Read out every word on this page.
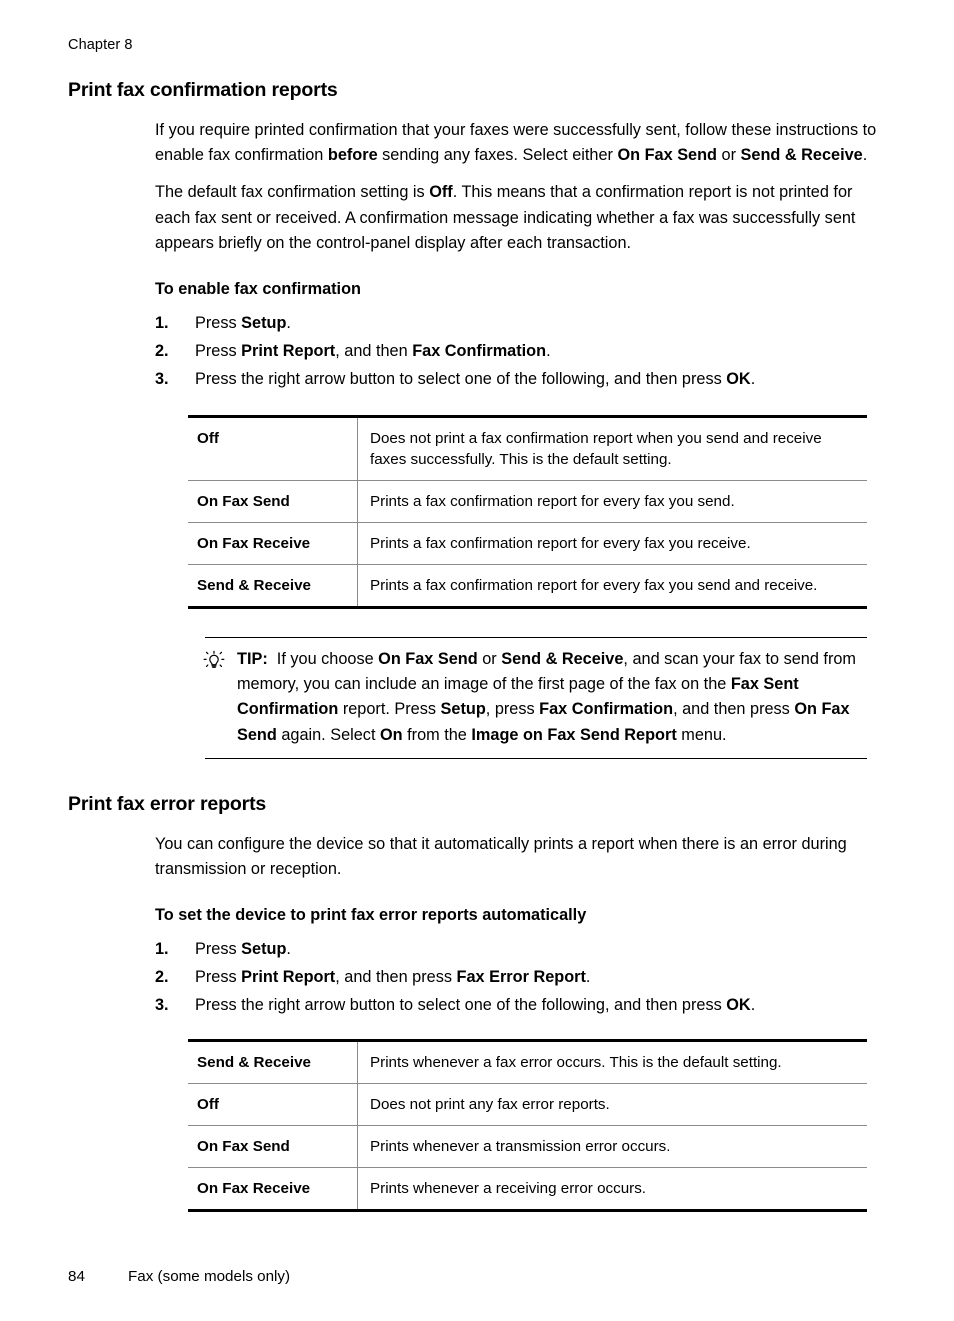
Chapter 8
Print fax confirmation reports

If you require printed confirmation that your faxes were successfully sent, follow these instructions to enable fax confirmation before sending any faxes. Select either On Fax Send or Send & Receive.

The default fax confirmation setting is Off. This means that a confirmation report is not printed for each fax sent or received. A confirmation message indicating whether a fax was successfully sent appears briefly on the control-panel display after each transaction.

To enable fax confirmation
1. Press Setup.
2. Press Print Report, and then Fax Confirmation.
3. Press the right arrow button to select one of the following, and then press OK.
Off	Does not print a fax confirmation report when you send and receive faxes successfully. This is the default setting.
On Fax Send	Prints a fax confirmation report for every fax you send.
On Fax Receive	Prints a fax confirmation report for every fax you receive.
Send & Receive	Prints a fax confirmation report for every fax you send and receive.
TIP:  If you choose On Fax Send or Send & Receive, and scan your fax to send from memory, you can include an image of the first page of the fax on the Fax Sent Confirmation report. Press Setup, press Fax Confirmation, and then press On Fax Send again. Select On from the Image on Fax Send Report menu.
Print fax error reports

You can configure the device so that it automatically prints a report when there is an error during transmission or reception.

To set the device to print fax error reports automatically
1. Press Setup.
2. Press Print Report, and then press Fax Error Report.
3. Press the right arrow button to select one of the following, and then press OK.
Send & Receive	Prints whenever a fax error occurs. This is the default setting.
Off	Does not print any fax error reports.
On Fax Send	Prints whenever a transmission error occurs.
On Fax Receive	Prints whenever a receiving error occurs.
84	Fax (some models only)
